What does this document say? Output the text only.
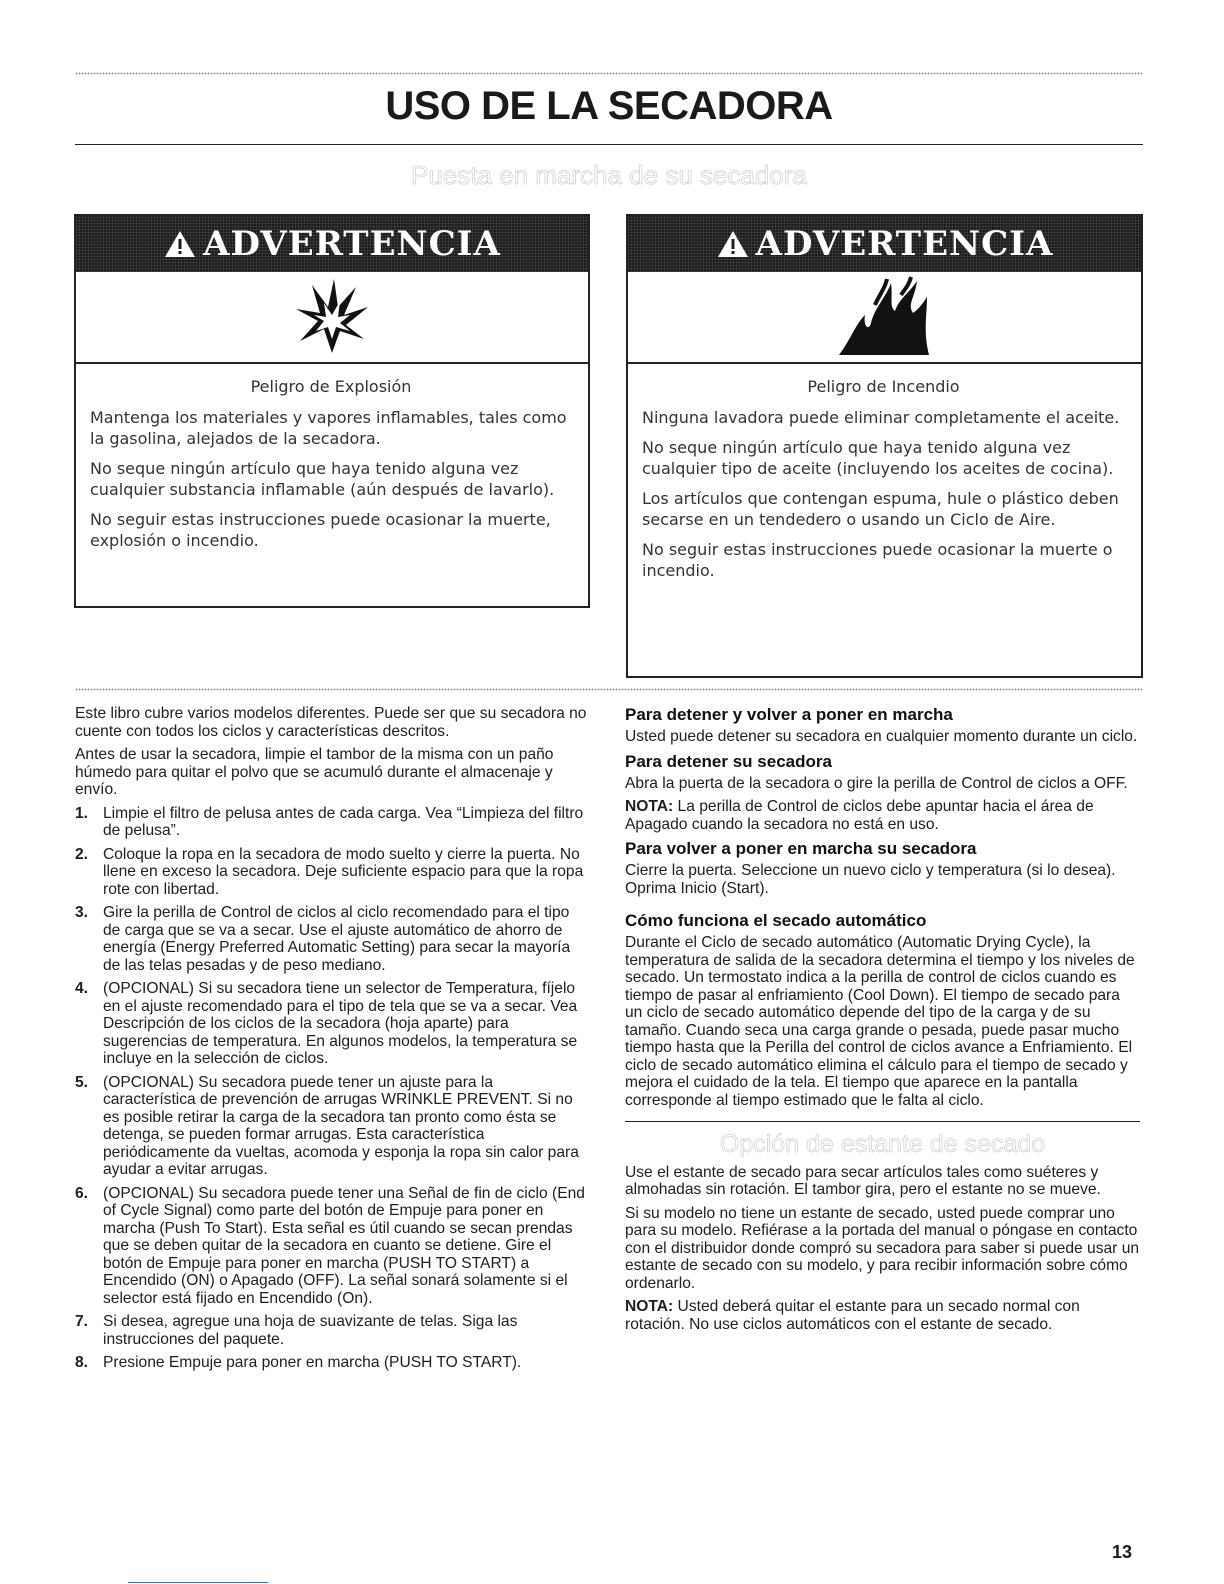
USO DE LA SECADORA
Puesta en marcha de su secadora
ADVERTENCIA
Peligro de Explosión

Mantenga los materiales y vapores inflamables, tales como la gasolina, alejados de la secadora.

No seque ningún artículo que haya tenido alguna vez cualquier substancia inflamable (aún después de lavarlo).

No seguir estas instrucciones puede ocasionar la muerte, explosión o incendio.

ADVERTENCIA
Peligro de Incendio

Ninguna lavadora puede eliminar completamente el aceite.

No seque ningún artículo que haya tenido alguna vez cualquier tipo de aceite (incluyendo los aceites de cocina).

Los artículos que contengan espuma, hule o plástico deben secarse en un tendedero o usando un Ciclo de Aire.

No seguir estas instrucciones puede ocasionar la muerte o incendio.

Este libro cubre varios modelos diferentes. Puede ser que su secadora no cuente con todos los ciclos y características descritos.

Antes de usar la secadora, limpie el tambor de la misma con un paño húmedo para quitar el polvo que se acumuló durante el almacenaje y envío.

1. Limpie el filtro de pelusa antes de cada carga. Vea “Limpieza del filtro de pelusa”.
2. Coloque la ropa en la secadora de modo suelto y cierre la puerta. No llene en exceso la secadora. Deje suficiente espacio para que la ropa rote con libertad.
3. Gire la perilla de Control de ciclos al ciclo recomendado para el tipo de carga que se va a secar. Use el ajuste automático de ahorro de energía (Energy Preferred Automatic Setting) para secar la mayoría de las telas pesadas y de peso mediano.
4. (OPCIONAL) Si su secadora tiene un selector de Temperatura, fíjelo en el ajuste recomendado para el tipo de tela que se va a secar. Vea Descripción de los ciclos de la secadora (hoja aparte) para sugerencias de temperatura. En algunos modelos, la temperatura se incluye en la selección de ciclos.
5. (OPCIONAL) Su secadora puede tener un ajuste para la característica de prevención de arrugas WRINKLE PREVENT. Si no es posible retirar la carga de la secadora tan pronto como ésta se detenga, se pueden formar arrugas. Esta característica periódicamente da vueltas, acomoda y esponja la ropa sin calor para ayudar a evitar arrugas.
6. (OPCIONAL) Su secadora puede tener una Señal de fin de ciclo (End of Cycle Signal) como parte del botón de Empuje para poner en marcha (Push To Start). Esta señal es útil cuando se secan prendas que se deben quitar de la secadora en cuanto se detiene. Gire el botón de Empuje para poner en marcha (PUSH TO START) a Encendido (ON) o Apagado (OFF). La señal sonará solamente si el selector está fijado en Encendido (On).
7. Si desea, agregue una hoja de suavizante de telas. Siga las instrucciones del paquete.
8. Presione Empuje para poner en marcha (PUSH TO START).
Para detener y volver a poner en marcha

Usted puede detener su secadora en cualquier momento durante un ciclo.

Para detener su secadora

Abra la puerta de la secadora o gire la perilla de Control de ciclos a OFF.

NOTA: La perilla de Control de ciclos debe apuntar hacia el área de Apagado cuando la secadora no está en uso.

Para volver a poner en marcha su secadora

Cierre la puerta. Seleccione un nuevo ciclo y temperatura (si lo desea). Oprima Inicio (Start).

Cómo funciona el secado automático

Durante el Ciclo de secado automático (Automatic Drying Cycle), la temperatura de salida de la secadora determina el tiempo y los niveles de secado. Un termostato indica a la perilla de control de ciclos cuando es tiempo de pasar al enfriamiento (Cool Down). El tiempo de secado para un ciclo de secado automático depende del tipo de la carga y de su tamaño. Cuando seca una carga grande o pesada, puede pasar mucho tiempo hasta que la Perilla del control de ciclos avance a Enfriamiento. El ciclo de secado automático elimina el cálculo para el tiempo de secado y mejora el cuidado de la tela. El tiempo que aparece en la pantalla corresponde al tiempo estimado que le falta al ciclo.

Opción de estante de secado

Use el estante de secado para secar artículos tales como suéteres y almohadas sin rotación. El tambor gira, pero el estante no se mueve.

Si su modelo no tiene un estante de secado, usted puede comprar uno para su modelo. Refiérase a la portada del manual o póngase en contacto con el distribuidor donde compró su secadora para saber si puede usar un estante de secado con su modelo, y para recibir información sobre cómo ordenarlo.

NOTA: Usted deberá quitar el estante para un secado normal con rotación. No use ciclos automáticos con el estante de secado.

13
